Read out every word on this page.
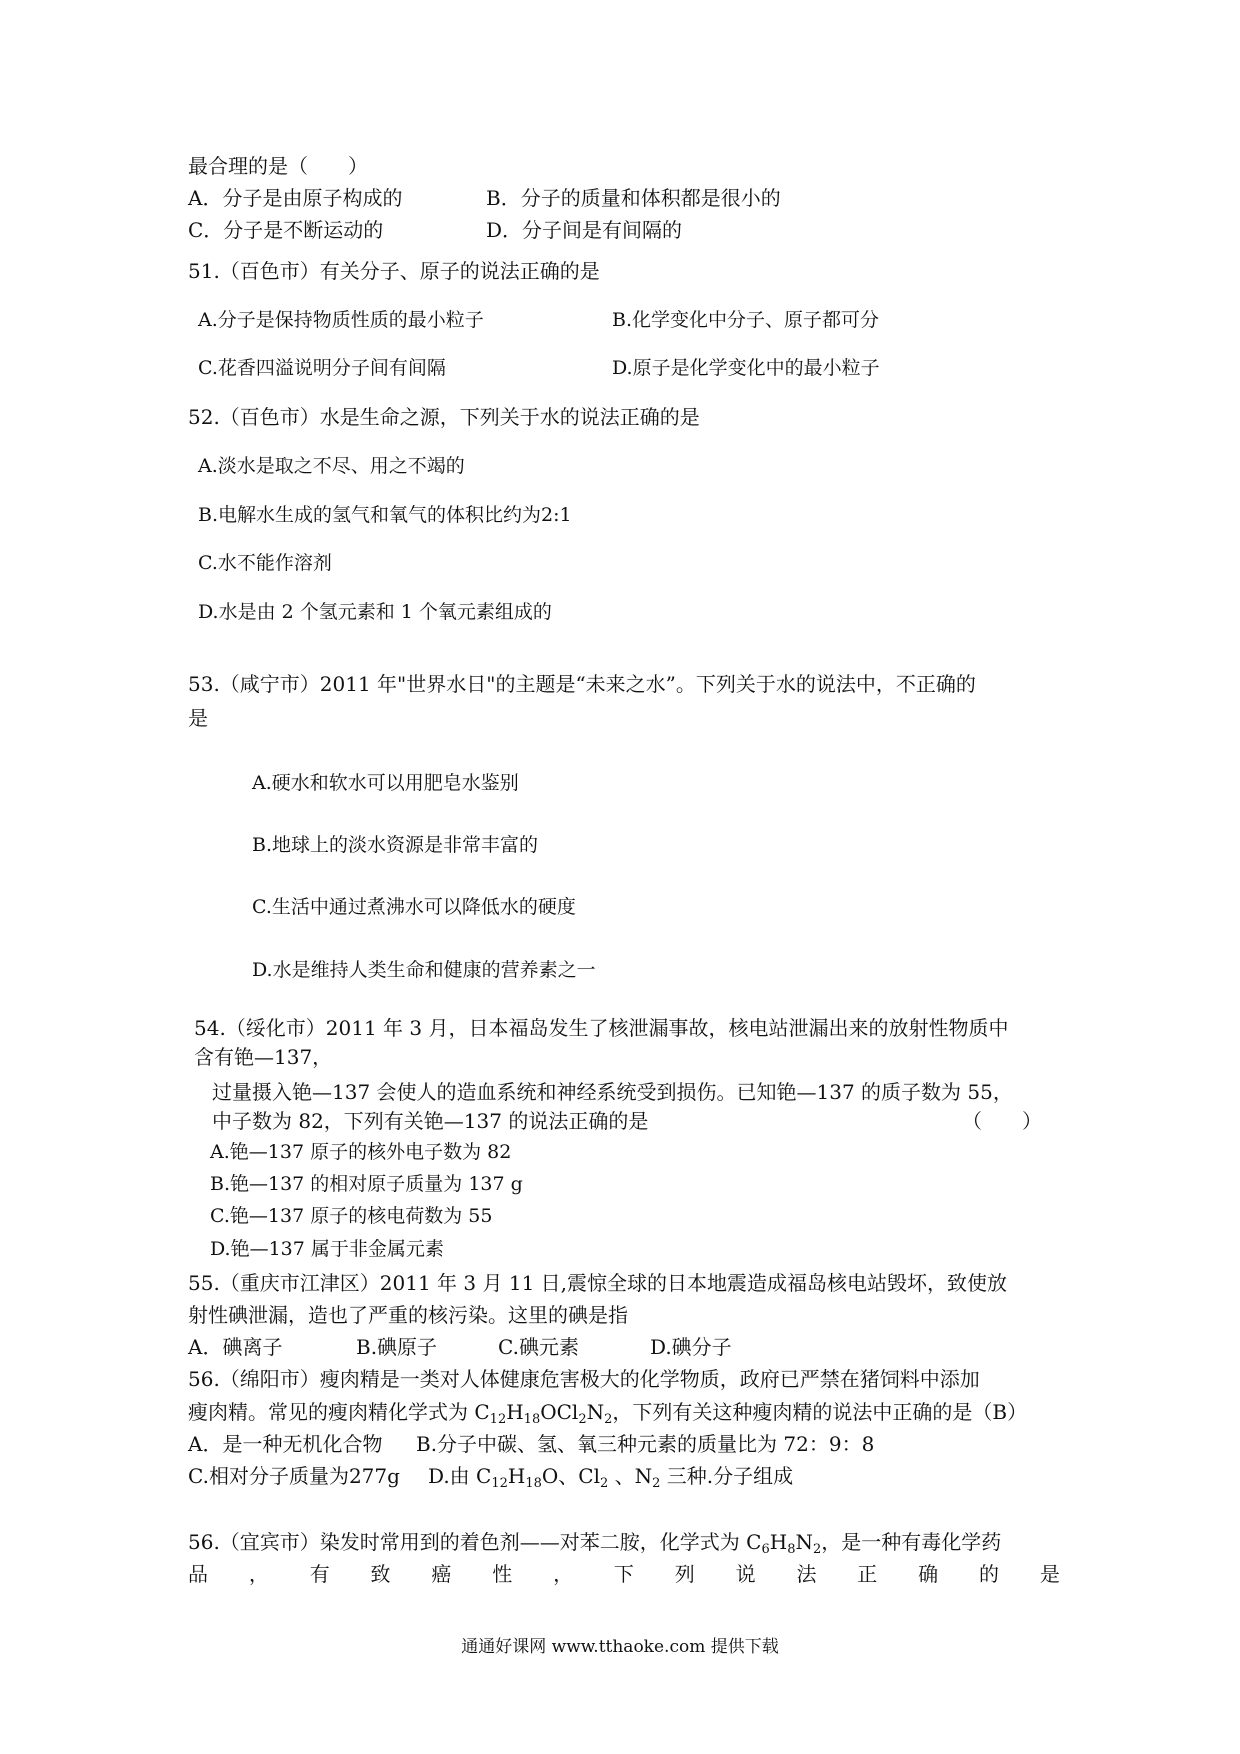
最合理的是（　　）
A．分子是由原子构成的	B．分子的质量和体积都是很小的
C．分子是不断运动的	D．分子间是有间隔的
51.（百色市）有关分子、原子的说法正确的是
A.分子是保持物质性质的最小粒子	B.化学变化中分子、原子都可分
C.花香四溢说明分子间有间隔	D.原子是化学变化中的最小粒子
52.（百色市）水是生命之源，下列关于水的说法正确的是
A.淡水是取之不尽、用之不竭的
B.电解水生成的氢气和氧气的体积比约为2:1
C.水不能作溶剂
D.水是由 2 个氢元素和 1 个氧元素组成的
53.（咸宁市）2011 年"世界水日"的主题是“未来之水”。下列关于水的说法中，不正确的
是
A.硬水和软水可以用肥皂水鉴别
B.地球上的淡水资源是非常丰富的
C.生活中通过煮沸水可以降低水的硬度
D.水是维持人类生命和健康的营养素之一
54.（绥化市）2011 年 3 月，日本福岛发生了核泄漏事故，核电站泄漏出来的放射性物质中
含有铯—137，
过量摄入铯—137 会使人的造血系统和神经系统受到损伤。已知铯—137 的质子数为 55，
中子数为 82，下列有关铯—137 的说法正确的是	（　　）
A.铯—137 原子的核外电子数为 82
B.铯—137 的相对原子质量为 137 g
C.铯—137 原子的核电荷数为 55
D.铯—137 属于非金属元素
55.（重庆市江津区）2011 年 3 月 11 日,震惊全球的日本地震造成福岛核电站毁坏，致使放
射性碘泄漏，造也了严重的核污染。这里的碘是指
A．碘离子	B.碘原子	C.碘元素	D.碘分子
56.（绵阳市）瘦肉精是一类对人体健康危害极大的化学物质，政府已严禁在猪饲料中添加
瘦肉精。常见的瘦肉精化学式为 $C_{12}H_{18}OCl_2N_2$，下列有关这种瘦肉精的说法中正确的是（B）
A．是一种无机化合物 B.分子中碳、氢、氧三种元素的质量比为 72：9：8
C.相对分子质量为277g D.由 $C_{12}H_{18}O$、$Cl_2$ 、$N_2$ 三种.分子组成
56.（宜宾市）染发时常用到的着色剂——对苯二胺，化学式为 $C_6H_8N_2$，是一种有毒化学药
品 ， 有 致 癌 性 ， 下 列 说 法 正 确 的 是
通通好课网 www.tthaoke.com 提供下载
